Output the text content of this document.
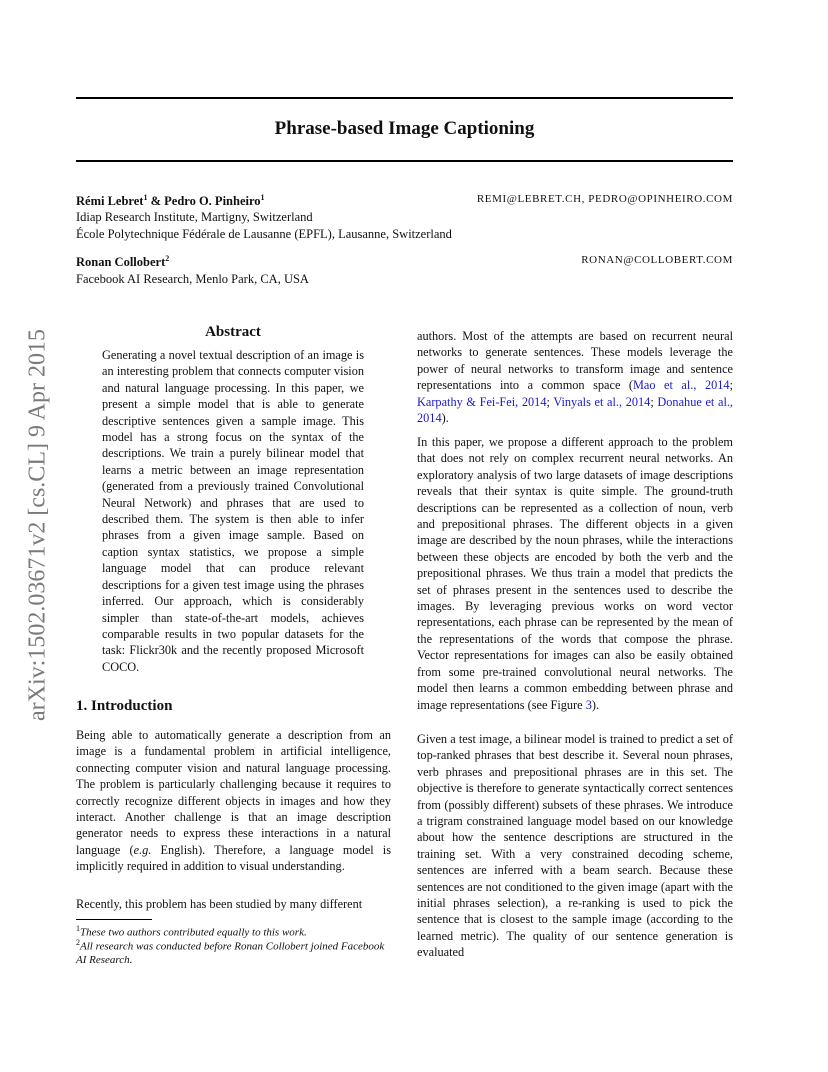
arXiv:1502.03671v2 [cs.CL] 9 Apr 2015
Phrase-based Image Captioning
Rémi Lebret$^1$ & Pedro O. Pinheiro$^1$	REMI@LEBRET.CH, PEDRO@OPINHEIRO.COM
Idiap Research Institute, Martigny, Switzerland
École Polytechnique Fédérale de Lausanne (EPFL), Lausanne, Switzerland
Ronan Collobert$^2$	RONAN@COLLOBERT.COM
Facebook AI Research, Menlo Park, CA, USA
Abstract
Generating a novel textual description of an image is an interesting problem that connects computer vision and natural language processing. In this paper, we present a simple model that is able to generate descriptive sentences given a sample image. This model has a strong focus on the syntax of the descriptions. We train a purely bilinear model that learns a metric between an image representation (generated from a previously trained Convolutional Neural Network) and phrases that are used to described them. The system is then able to infer phrases from a given image sample. Based on caption syntax statistics, we propose a simple language model that can produce relevant descriptions for a given test image using the phrases inferred. Our approach, which is considerably simpler than state-of-the-art models, achieves comparable results in two popular datasets for the task: Flickr30k and the recently proposed Microsoft COCO.
1. Introduction
Being able to automatically generate a description from an image is a fundamental problem in artificial intelligence, connecting computer vision and natural language processing. The problem is particularly challenging because it requires to correctly recognize different objects in images and how they interact. Another challenge is that an image description generator needs to express these interactions in a natural language (e.g. English). Therefore, a language model is implicitly required in addition to visual understanding.
Recently, this problem has been studied by many different
$^1$These two authors contributed equally to this work.
$^2$All research was conducted before Ronan Collobert joined Facebook AI Research.
authors. Most of the attempts are based on recurrent neural networks to generate sentences. These models leverage the power of neural networks to transform image and sentence representations into a common space (Mao et al., 2014; Karpathy & Fei-Fei, 2014; Vinyals et al., 2014; Donahue et al., 2014).
In this paper, we propose a different approach to the problem that does not rely on complex recurrent neural networks. An exploratory analysis of two large datasets of image descriptions reveals that their syntax is quite simple. The ground-truth descriptions can be represented as a collection of noun, verb and prepositional phrases. The different objects in a given image are described by the noun phrases, while the interactions between these objects are encoded by both the verb and the prepositional phrases. We thus train a model that predicts the set of phrases present in the sentences used to describe the images. By leveraging previous works on word vector representations, each phrase can be represented by the mean of the representations of the words that compose the phrase. Vector representations for images can also be easily obtained from some pre-trained convolutional neural networks. The model then learns a common embedding between phrase and image representations (see Figure 3).
Given a test image, a bilinear model is trained to predict a set of top-ranked phrases that best describe it. Several noun phrases, verb phrases and prepositional phrases are in this set. The objective is therefore to generate syntactically correct sentences from (possibly different) subsets of these phrases. We introduce a trigram constrained language model based on our knowledge about how the sentence descriptions are structured in the training set. With a very constrained decoding scheme, sentences are inferred with a beam search. Because these sentences are not conditioned to the given image (apart with the initial phrases selection), a re-ranking is used to pick the sentence that is closest to the sample image (according to the learned metric). The quality of our sentence generation is evaluated
